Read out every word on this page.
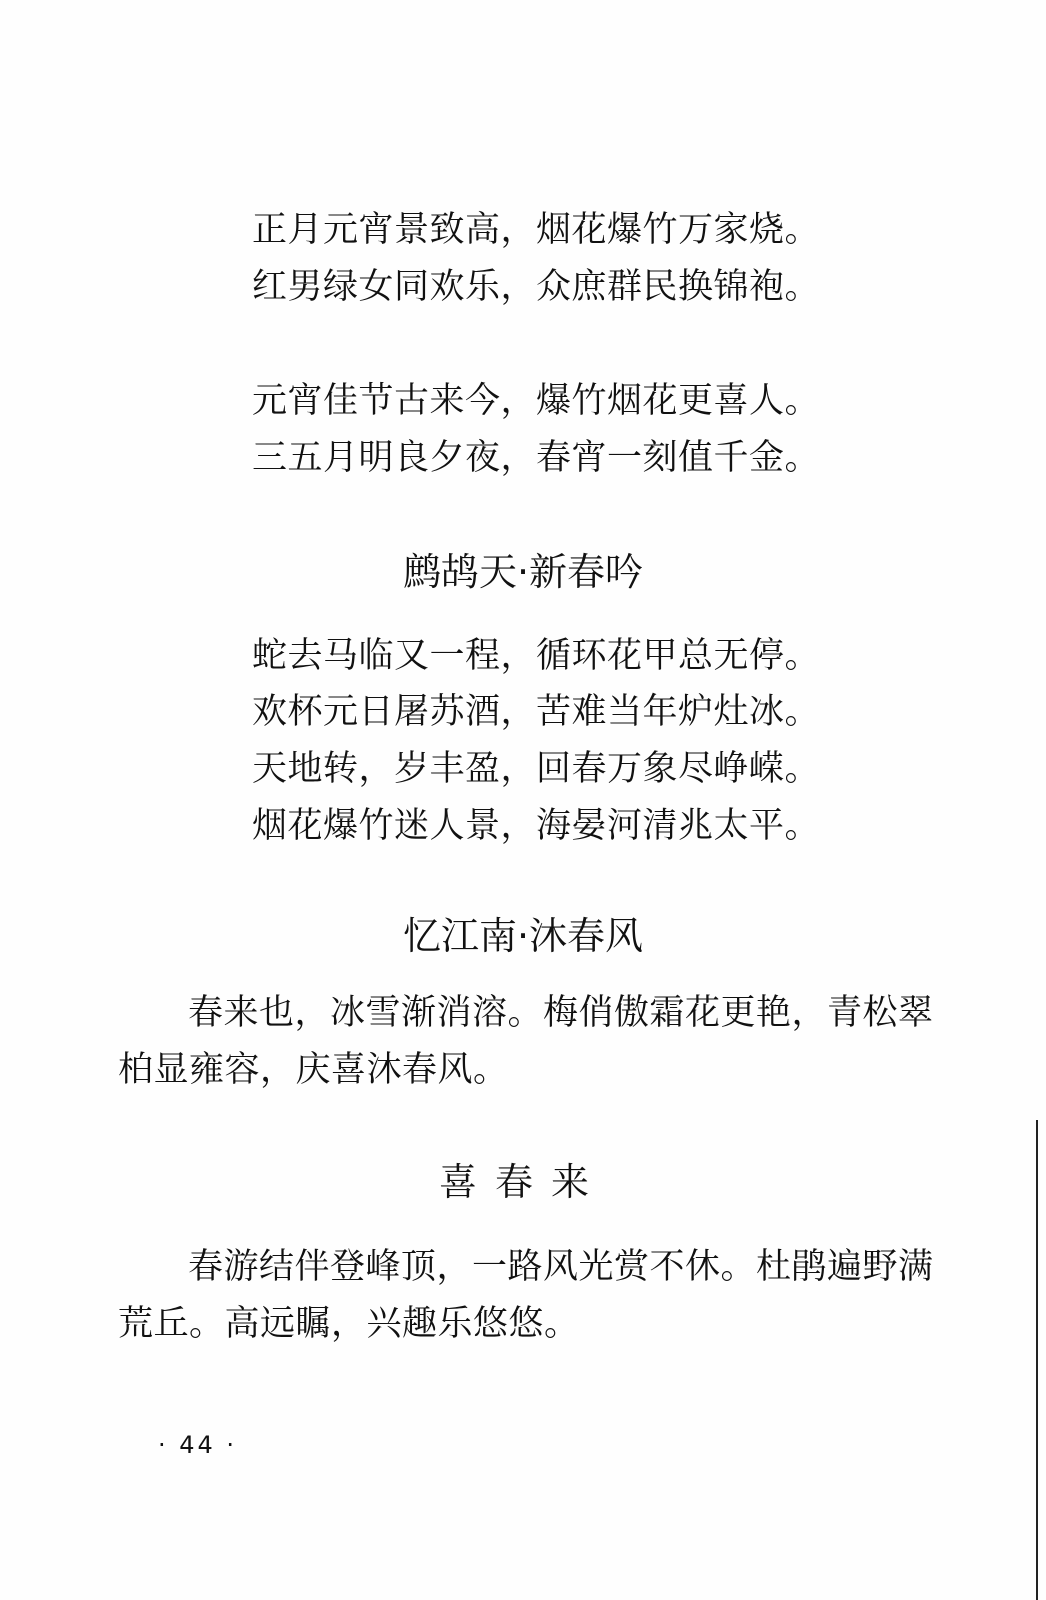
正月元宵景致高，烟花爆竹万家烧。
红男绿女同欢乐，众庶群民换锦袍。
元宵佳节古来今，爆竹烟花更喜人。
三五月明良夕夜，春宵一刻值千金。
鹧鸪天·新春吟
蛇去马临又一程，循环花甲总无停。
欢杯元日屠苏酒，苦难当年炉灶冰。
天地转，岁丰盈，回春万象尽峥嵘。
烟花爆竹迷人景，海晏河清兆太平。
忆江南·沐春风
春来也，冰雪渐消溶。梅俏傲霜花更艳，青松翠
柏显雍容，庆喜沐春风。
喜春来
春游结伴登峰顶，一路风光赏不休。杜鹃遍野满
荒丘。高远瞩，兴趣乐悠悠。
· 44 ·
